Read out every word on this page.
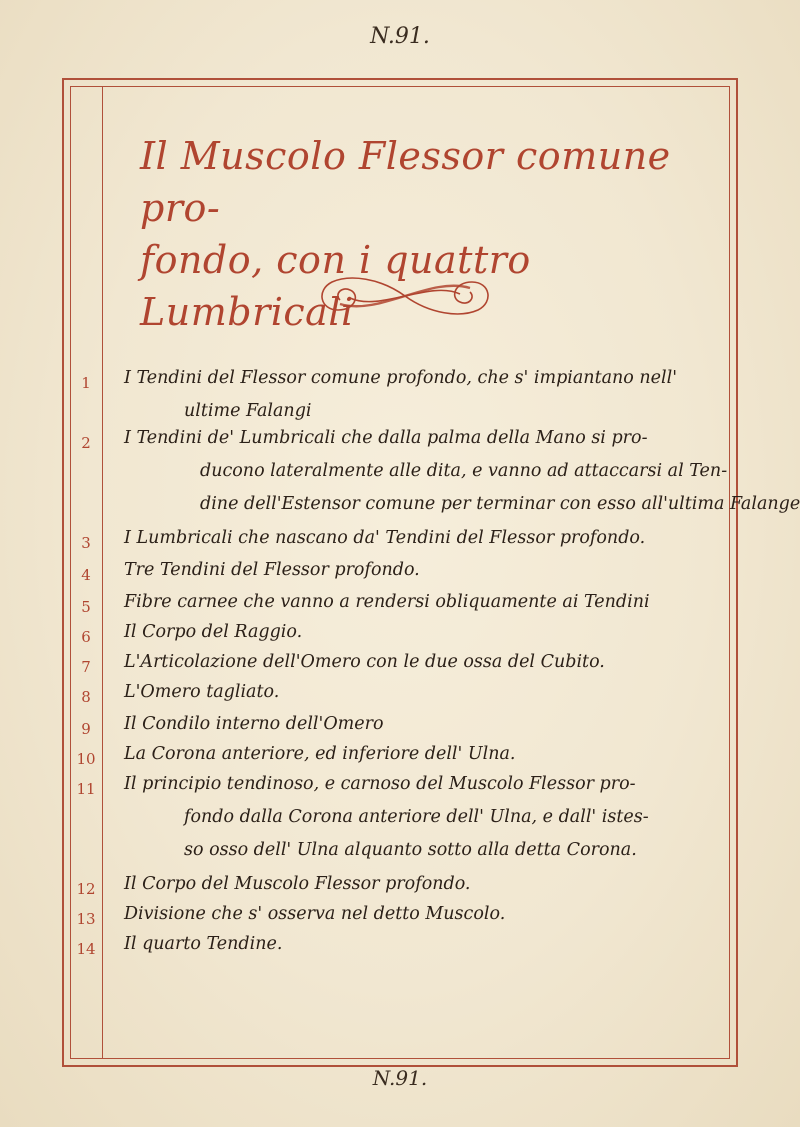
N.91.
Il Muscolo Flessor comune pro-
fondo, con i quattro Lumbricali
1	I Tendini del Flessor comune profondo, che s' impiantano nell'
ultime Falangi
2	I Tendini de' Lumbricali che dalla palma della Mano si pro-
ducono lateralmente alle dita, e vanno ad attaccarsi al Ten-
dine dell'Estensor comune per terminar con esso all'ultima Falange
3	I Lumbricali che nascano da' Tendini del Flessor profondo.
4	Tre Tendini del Flessor profondo.
5	Fibre carnee che vanno a rendersi obliquamente ai Tendini
6	Il Corpo del Raggio.
7	L'Articolazione dell'Omero con le due ossa del Cubito.
8	L'Omero tagliato.
9	Il Condilo interno dell'Omero
10	La Corona anteriore, ed inferiore dell' Ulna.
11	Il principio tendinoso, e carnoso del Muscolo Flessor pro-
fondo dalla Corona anteriore dell' Ulna, e dall' istes-
so osso dell' Ulna alquanto sotto alla detta Corona.
12	Il Corpo del Muscolo Flessor profondo.
13	Divisione che s' osserva nel detto Muscolo.
14	Il quarto Tendine.
N.91.
